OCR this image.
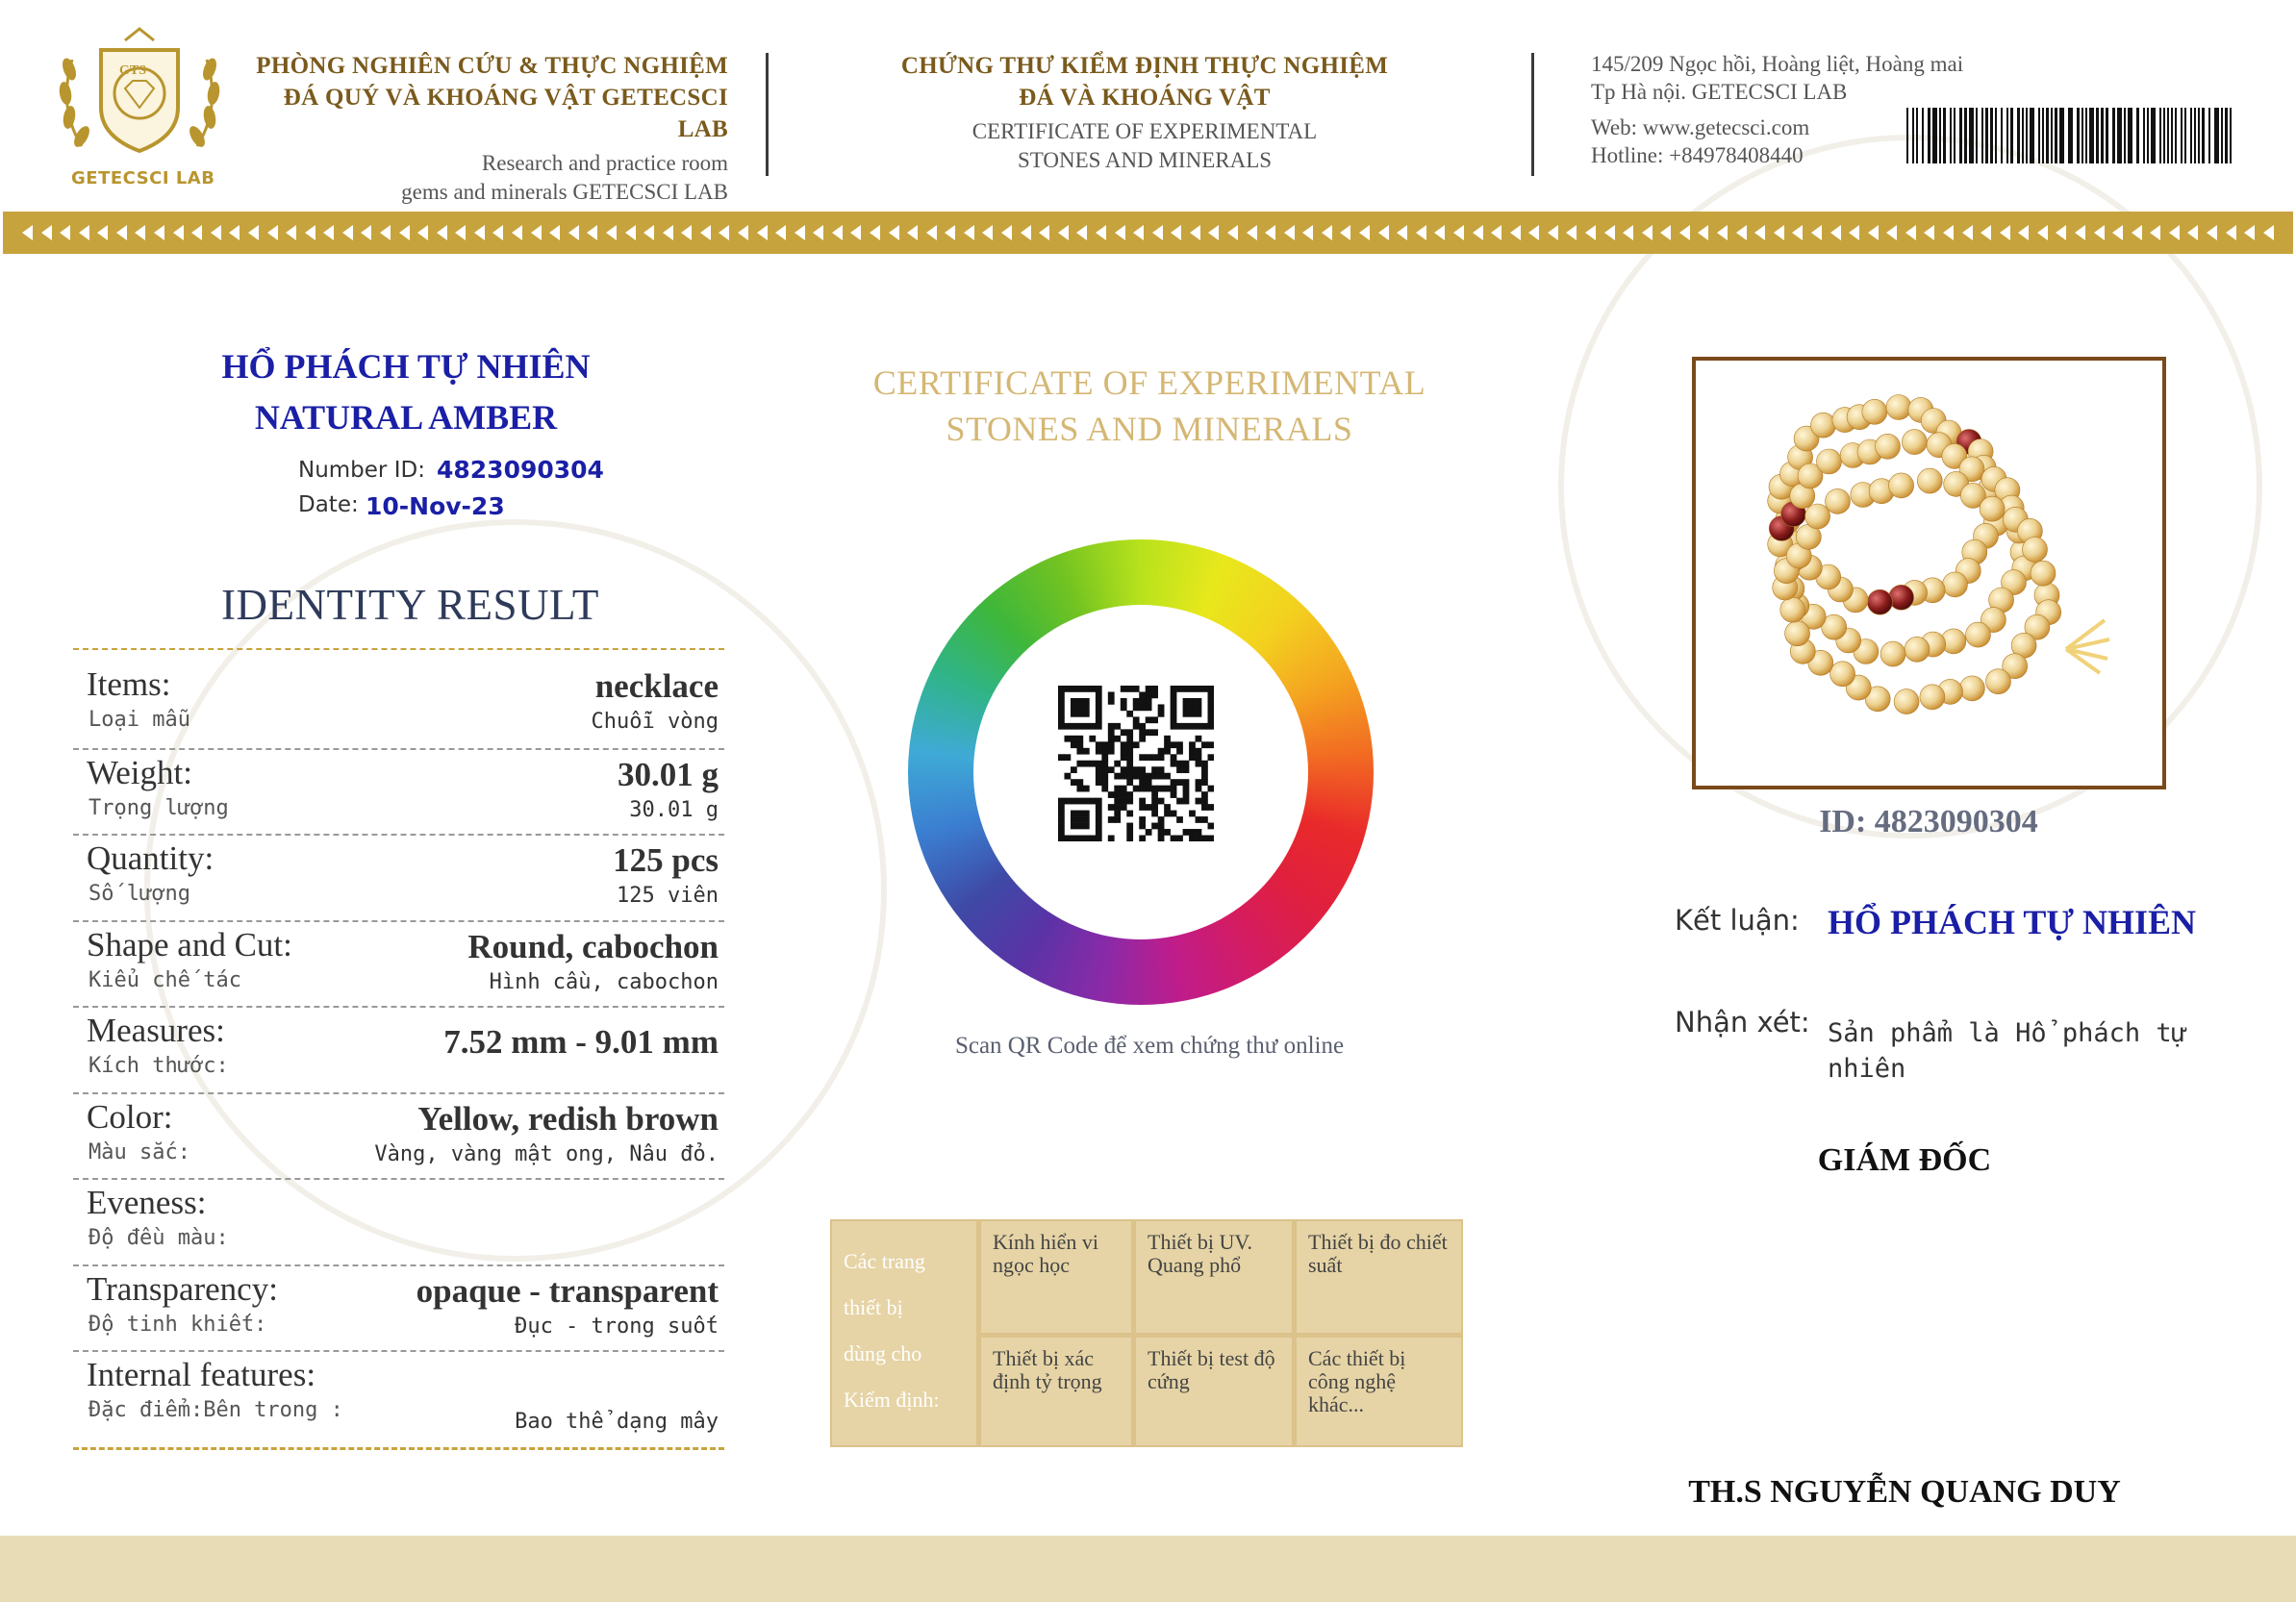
GTS
GETECSCI LAB
PHÒNG NGHIÊN CỨU & THỰC NGHIỆM
ĐÁ QUÝ VÀ KHOÁNG VẬT GETECSCI LAB
Research and practice room
gems and minerals GETECSCI LAB
CHỨNG THƯ KIỂM ĐỊNH THỰC NGHIỆM
ĐÁ VÀ KHOÁNG VẬT
CERTIFICATE OF EXPERIMENTAL
STONES AND MINERALS
145/209 Ngọc hồi, Hoàng liệt, Hoàng mai
Tp Hà nội. GETECSCI LAB
Web: www.getecsci.com
Hotline: +84978408440
HỔ PHÁCH TỰ NHIÊN
NATURAL AMBER
Number ID: 4823090304
Date: 10-Nov-23
IDENTITY RESULT
Items:
Loại mẫu
necklace
Chuỗi vòng
Weight:
Trọng lượng
30.01 g
30.01 g
Quantity:
Số lượng
125 pcs
125 viên
Shape and Cut:
Kiểu chế tác
Round, cabochon
Hình cầu, cabochon
Measures:
Kích thước:
7.52 mm - 9.01 mm
Color:
Màu sắc:
Yellow, redish brown
Vàng, vàng mật ong, Nâu đỏ.
Eveness:
Độ đều màu:
Transparency:
Độ tinh khiết:
opaque - transparent
Đục - trong suốt
Internal features:
Đặc điểm:Bên trong :	Bao thể dạng mây
CERTIFICATE OF EXPERIMENTAL
STONES AND MINERALS
Scan QR Code để xem chứng thư online
Các trang
thiết bị
dùng cho
Kiểm định:
Kính hiển vi ngọc học
Thiết bị UV. Quang phổ
Thiết bị đo chiết suất
Thiết bị xác định tỷ trọng
Thiết bị test độ cứng
Các thiết bị công nghệ khác...
ID: 4823090304
Kết luận: HỔ PHÁCH TỰ NHIÊN
Nhận xét: Sản phẩm là Hổ phách tự nhiên
GIÁM ĐỐC
TH.S NGUYỄN QUANG DUY
